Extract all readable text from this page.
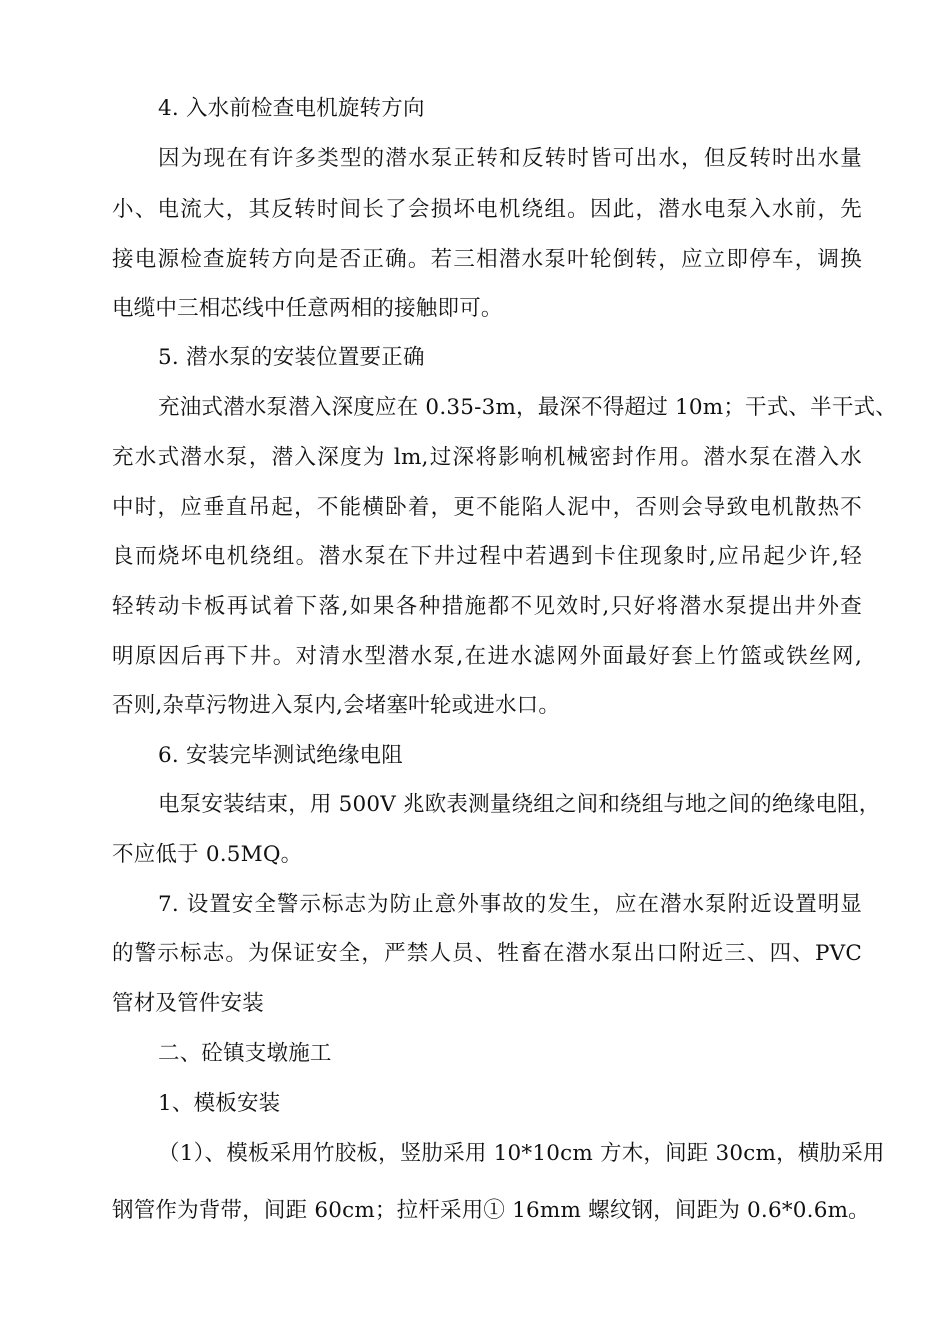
4. 入水前检查电机旋转方向
因为现在有许多类型的潜水泵正转和反转时皆可出水，但反转时出水量
小、电流大，其反转时间长了会损坏电机绕组。因此，潜水电泵入水前，先
接电源检查旋转方向是否正确。若三相潜水泵叶轮倒转，应立即停车，调换
电缆中三相芯线中任意两相的接触即可。
5. 潜水泵的安装位置要正确
充油式潜水泵潜入深度应在 0.35-3m，最深不得超过 10m；干式、半干式、
充水式潜水泵，潜入深度为 lm,过深将影响机械密封作用。潜水泵在潜入水
中时，应垂直吊起，不能横卧着，更不能陷人泥中，否则会导致电机散热不
良而烧坏电机绕组。潜水泵在下井过程中若遇到卡住现象时,应吊起少许,轻
轻转动卡板再试着下落,如果各种措施都不见效时,只好将潜水泵提出井外查
明原因后再下井。对清水型潜水泵,在进水滤网外面最好套上竹篮或铁丝网,
否则,杂草污物进入泵内,会堵塞叶轮或进水口。
6. 安装完毕测试绝缘电阻
电泵安装结束，用 500V 兆欧表测量绕组之间和绕组与地之间的绝缘电阻，
不应低于 0.5MQ。
7. 设置安全警示标志为防止意外事故的发生，应在潜水泵附近设置明显
的警示标志。为保证安全，严禁人员、牲畜在潜水泵出口附近三、四、PVC
管材及管件安装
二、砼镇支墩施工
1、模板安装
（1）、模板采用竹胶板，竖肋采用 10*10cm 方木，间距 30cm，横肋采用
钢管作为背带，间距 60cm；拉杆采用① 16mm 螺纹钢，间距为 0.6*0.6m。
